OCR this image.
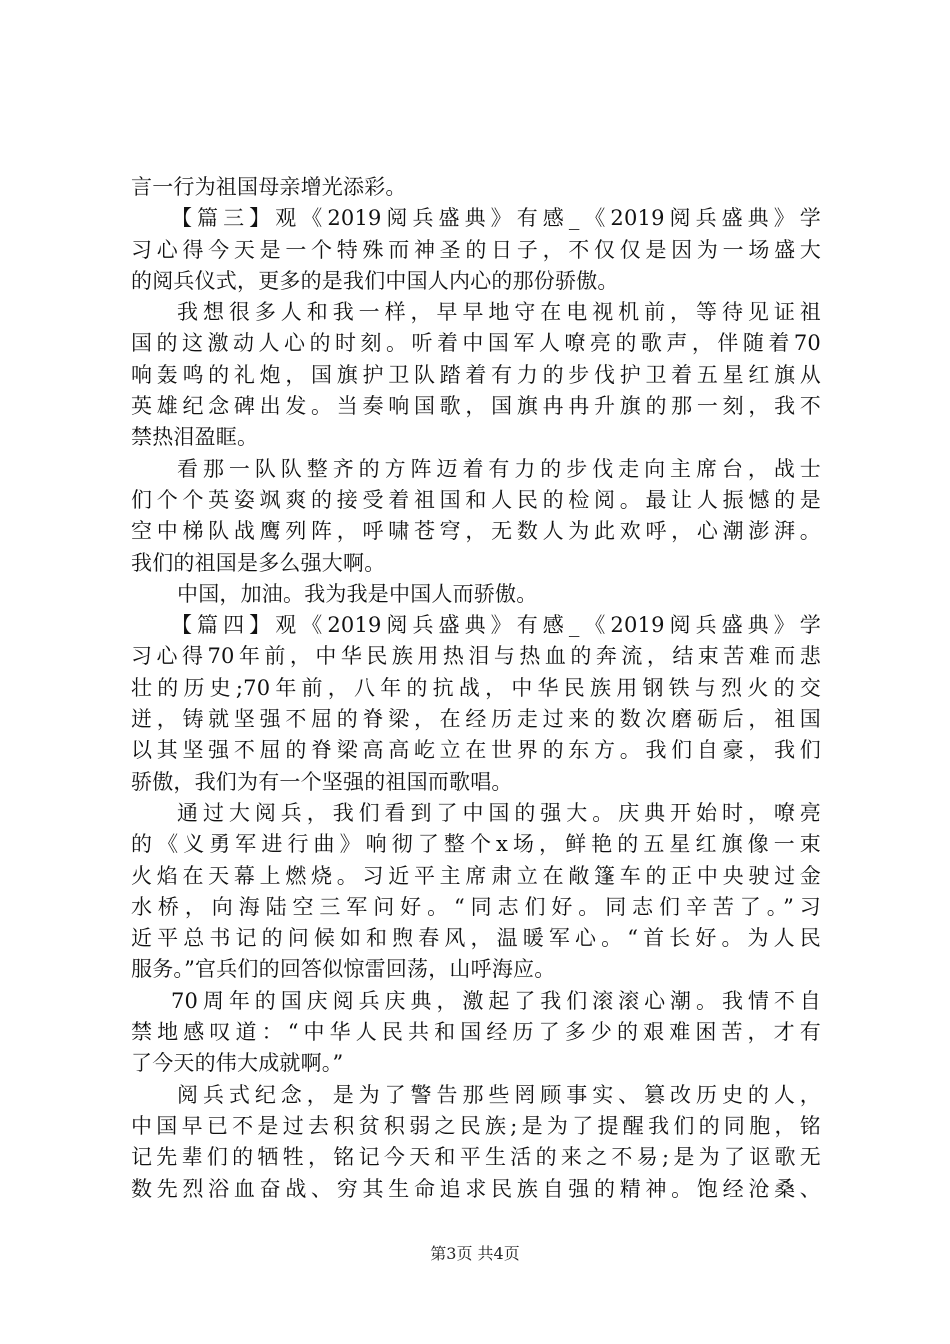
言一行为祖国母亲增光添彩。
【篇三】观《2019阅兵盛典》有感_《2019阅兵盛典》学
习心得今天是一个特殊而神圣的日子，不仅仅是因为一场盛大
的阅兵仪式，更多的是我们中国人内心的那份骄傲。
我想很多人和我一样，早早地守在电视机前，等待见证祖
国的这激动人心的时刻。听着中国军人嘹亮的歌声，伴随着70
响轰鸣的礼炮，国旗护卫队踏着有力的步伐护卫着五星红旗从
英雄纪念碑出发。当奏响国歌，国旗冉冉升旗的那一刻，我不
禁热泪盈眶。
看那一队队整齐的方阵迈着有力的步伐走向主席台，战士
们个个英姿飒爽的接受着祖国和人民的检阅。最让人振憾的是
空中梯队战鹰列阵，呼啸苍穹，无数人为此欢呼，心潮澎湃。
我们的祖国是多么强大啊。
中国，加油。我为我是中国人而骄傲。
【篇四】观《2019阅兵盛典》有感_《2019阅兵盛典》学
习心得70年前，中华民族用热泪与热血的奔流，结束苦难而悲
壮的历史;70年前，八年的抗战，中华民族用钢铁与烈火的交
迸，铸就坚强不屈的脊梁，在经历走过来的数次磨砺后，祖国
以其坚强不屈的脊梁高高屹立在世界的东方。我们自豪，我们
骄傲，我们为有一个坚强的祖国而歌唱。
通过大阅兵，我们看到了中国的强大。庆典开始时，嘹亮
的《义勇军进行曲》响彻了整个x场，鲜艳的五星红旗像一束
火焰在天幕上燃烧。习近平主席肃立在敞篷车的正中央驶过金
水桥，向海陆空三军问好。“同志们好。同志们辛苦了。”习
近平总书记的问候如和煦春风，温暖军心。“首长好。为人民
服务。”官兵们的回答似惊雷回荡，山呼海应。
70周年的国庆阅兵庆典，激起了我们滚滚心潮。我情不自
禁地感叹道：“中华人民共和国经历了多少的艰难困苦，才有
了今天的伟大成就啊。”
阅兵式纪念，是为了警告那些罔顾事实、篡改历史的人，
中国早已不是过去积贫积弱之民族;是为了提醒我们的同胞，铭
记先辈们的牺牲，铭记今天和平生活的来之不易;是为了讴歌无
数先烈浴血奋战、穷其生命追求民族自强的精神。饱经沧桑、
第3页 共4页
